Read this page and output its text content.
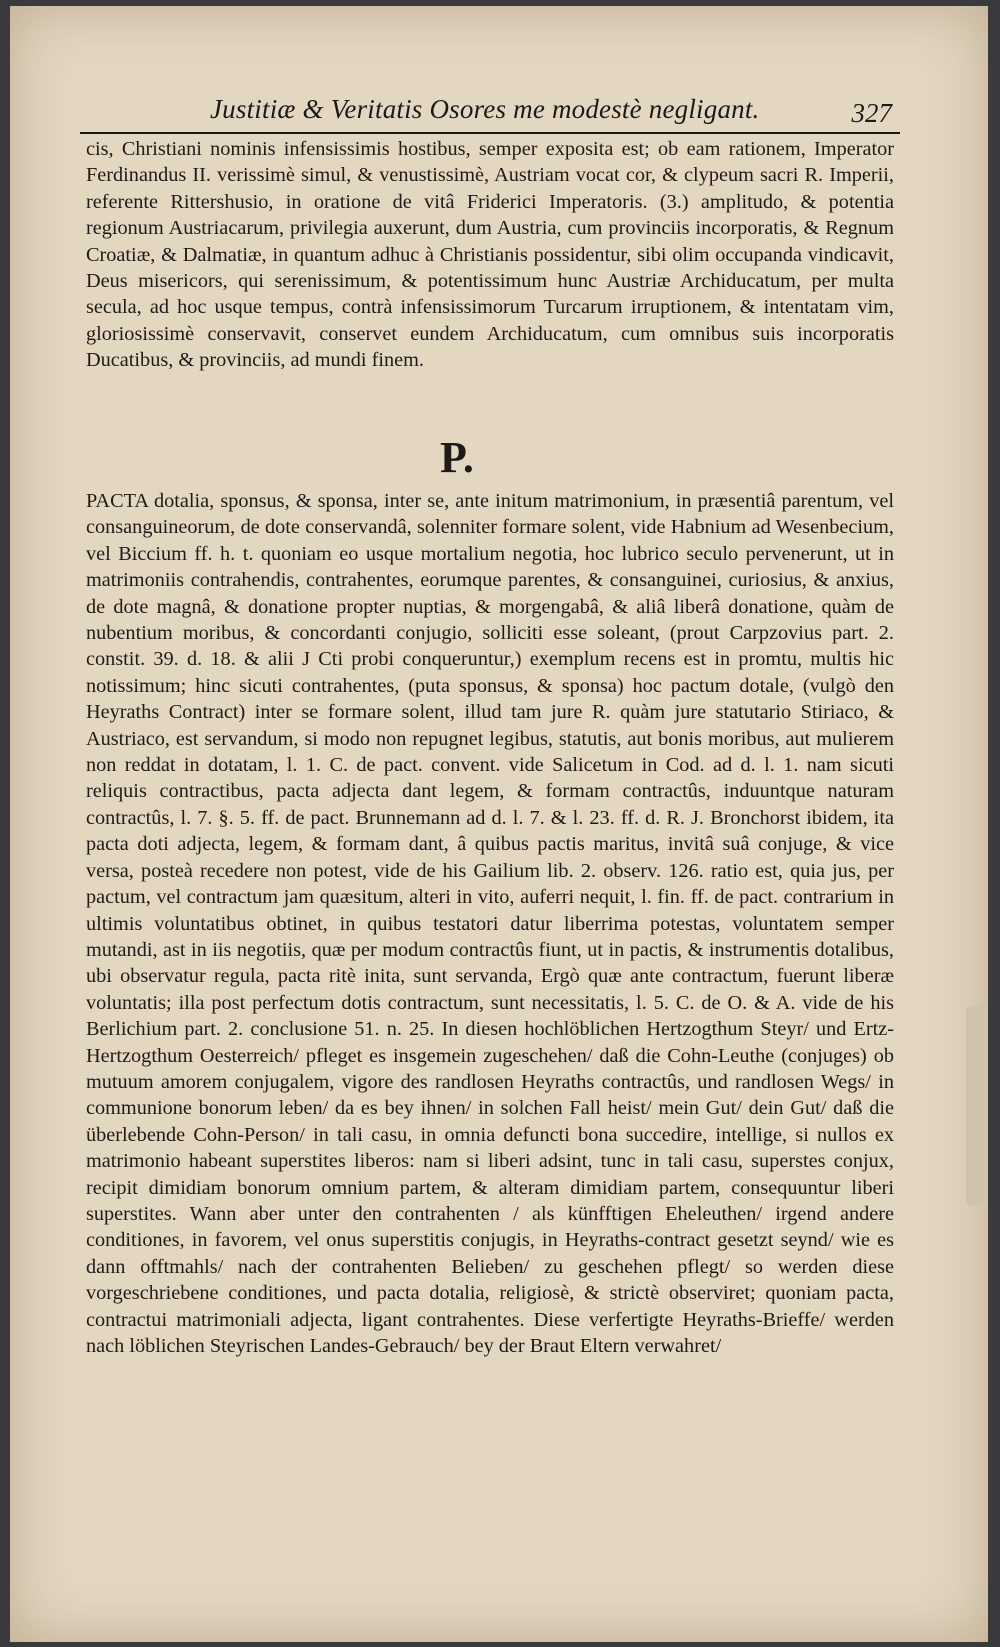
Justitiæ & Veritatis Osores me modestè negligant.	327
cis, Christiani nominis infensissimis hostibus, semper exposita est; ob eam rationem, Imperator Ferdinandus II. verissimè simul, & venustissimè, Austriam vocat cor, & clypeum sacri R. Imperii, referente Rittershusio, in oratione de vitâ Friderici Imperatoris. (3.) amplitudo, & potentia regionum Austriacarum, privilegia auxerunt, dum Austria, cum provinciis incorporatis, & Regnum Croatiæ, & Dalmatiæ, in quantum adhuc à Christianis possidentur, sibi olim occupanda vindicavit, Deus misericors, qui serenissimum, & potentissimum hunc Austriæ Archiducatum, per multa secula, ad hoc usque tempus, contrà infensissimorum Turcarum irruptionem, & intentatam vim, gloriosissimè conservavit, conservet eundem Archiducatum, cum omnibus suis incorporatis Ducatibus, & provinciis, ad mundi finem.
P.
PACTA dotalia, sponsus, & sponsa, inter se, ante initum matrimonium, in præsentiâ parentum, vel consanguineorum, de dote conservandâ, solenniter formare solent, vide Habnium ad Wesenbecium, vel Biccium ff. h. t. quoniam eo usque mortalium negotia, hoc lubrico seculo pervenerunt, ut in matrimoniis contrahendis, contrahentes, eorumque parentes, & consanguinei, curiosius, & anxius, de dote magnâ, & donatione propter nuptias, & morgengabâ, & aliâ liberâ donatione, quàm de nubentium moribus, & concordanti conjugio, solliciti esse soleant, (prout Carpzovius part. 2. constit. 39. d. 18. & alii J Cti probi conqueruntur,) exemplum recens est in promtu, multis hic notissimum; hinc sicuti contrahentes, (puta sponsus, & sponsa) hoc pactum dotale, (vulgò den Heyraths Contract) inter se formare solent, illud tam jure R. quàm jure statutario Stiriaco, & Austriaco, est servandum, si modo non repugnet legibus, statutis, aut bonis moribus, aut mulierem non reddat in dotatam, l. 1. C. de pact. convent. vide Salicetum in Cod. ad d. l. 1. nam sicuti reliquis contractibus, pacta adjecta dant legem, & formam contractûs, induuntque naturam contractûs, l. 7. §. 5. ff. de pact. Brunnemann ad d. l. 7. & l. 23. ff. d. R. J. Bronchorst ibidem, ita pacta doti adjecta, legem, & formam dant, â quibus pactis maritus, invitâ suâ conjuge, & vice versa, posteà recedere non potest, vide de his Gailium lib. 2. observ. 126. ratio est, quia jus, per pactum, vel contractum jam quæsitum, alteri in vito, auferri nequit, l. fin. ff. de pact. contrarium in ultimis voluntatibus obtinet, in quibus testatori datur liberrima potestas, voluntatem semper mutandi, ast in iis negotiis, quæ per modum contractûs fiunt, ut in pactis, & instrumentis dotalibus, ubi observatur regula, pacta ritè inita, sunt servanda, Ergò quæ ante contractum, fuerunt liberæ voluntatis; illa post perfectum dotis contractum, sunt necessitatis, l. 5. C. de O. & A. vide de his Berlichium part. 2. conclusione 51. n. 25. In diesen hochlöblichen Hertzogthum Steyr/ und Ertz-Hertzogthum Oesterreich/ pfleget es insgemein zugeschehen/ daß die Cohn-Leuthe (conjuges) ob mutuum amorem conjugalem, vigore des randlosen Heyraths contractûs, und randlosen Wegs/ in communione bonorum leben/ da es bey ihnen/ in solchen Fall heist/ mein Gut/ dein Gut/ daß die überlebende Cohn-Person/ in tali casu, in omnia defuncti bona succedire, intellige, si nullos ex matrimonio habeant superstites liberos: nam si liberi adsint, tunc in tali casu, superstes conjux, recipit dimidiam bonorum omnium partem, & alteram dimidiam partem, consequuntur liberi superstites. Wann aber unter den contrahenten / als künfftigen Eheleuthen/ irgend andere conditiones, in favorem, vel onus superstitis conjugis, in Heyraths-contract gesetzt seynd/ wie es dann offtmahls/ nach der contrahenten Belieben/ zu geschehen pflegt/ so werden diese vorgeschriebene conditiones, und pacta dotalia, religiosè, & strictè observiret; quoniam pacta, contractui matrimoniali adjecta, ligant contrahentes. Diese verfertigte Heyraths-Brieffe/ werden nach löblichen Steyrischen Landes-Gebrauch/ bey der Braut Eltern verwahret/
